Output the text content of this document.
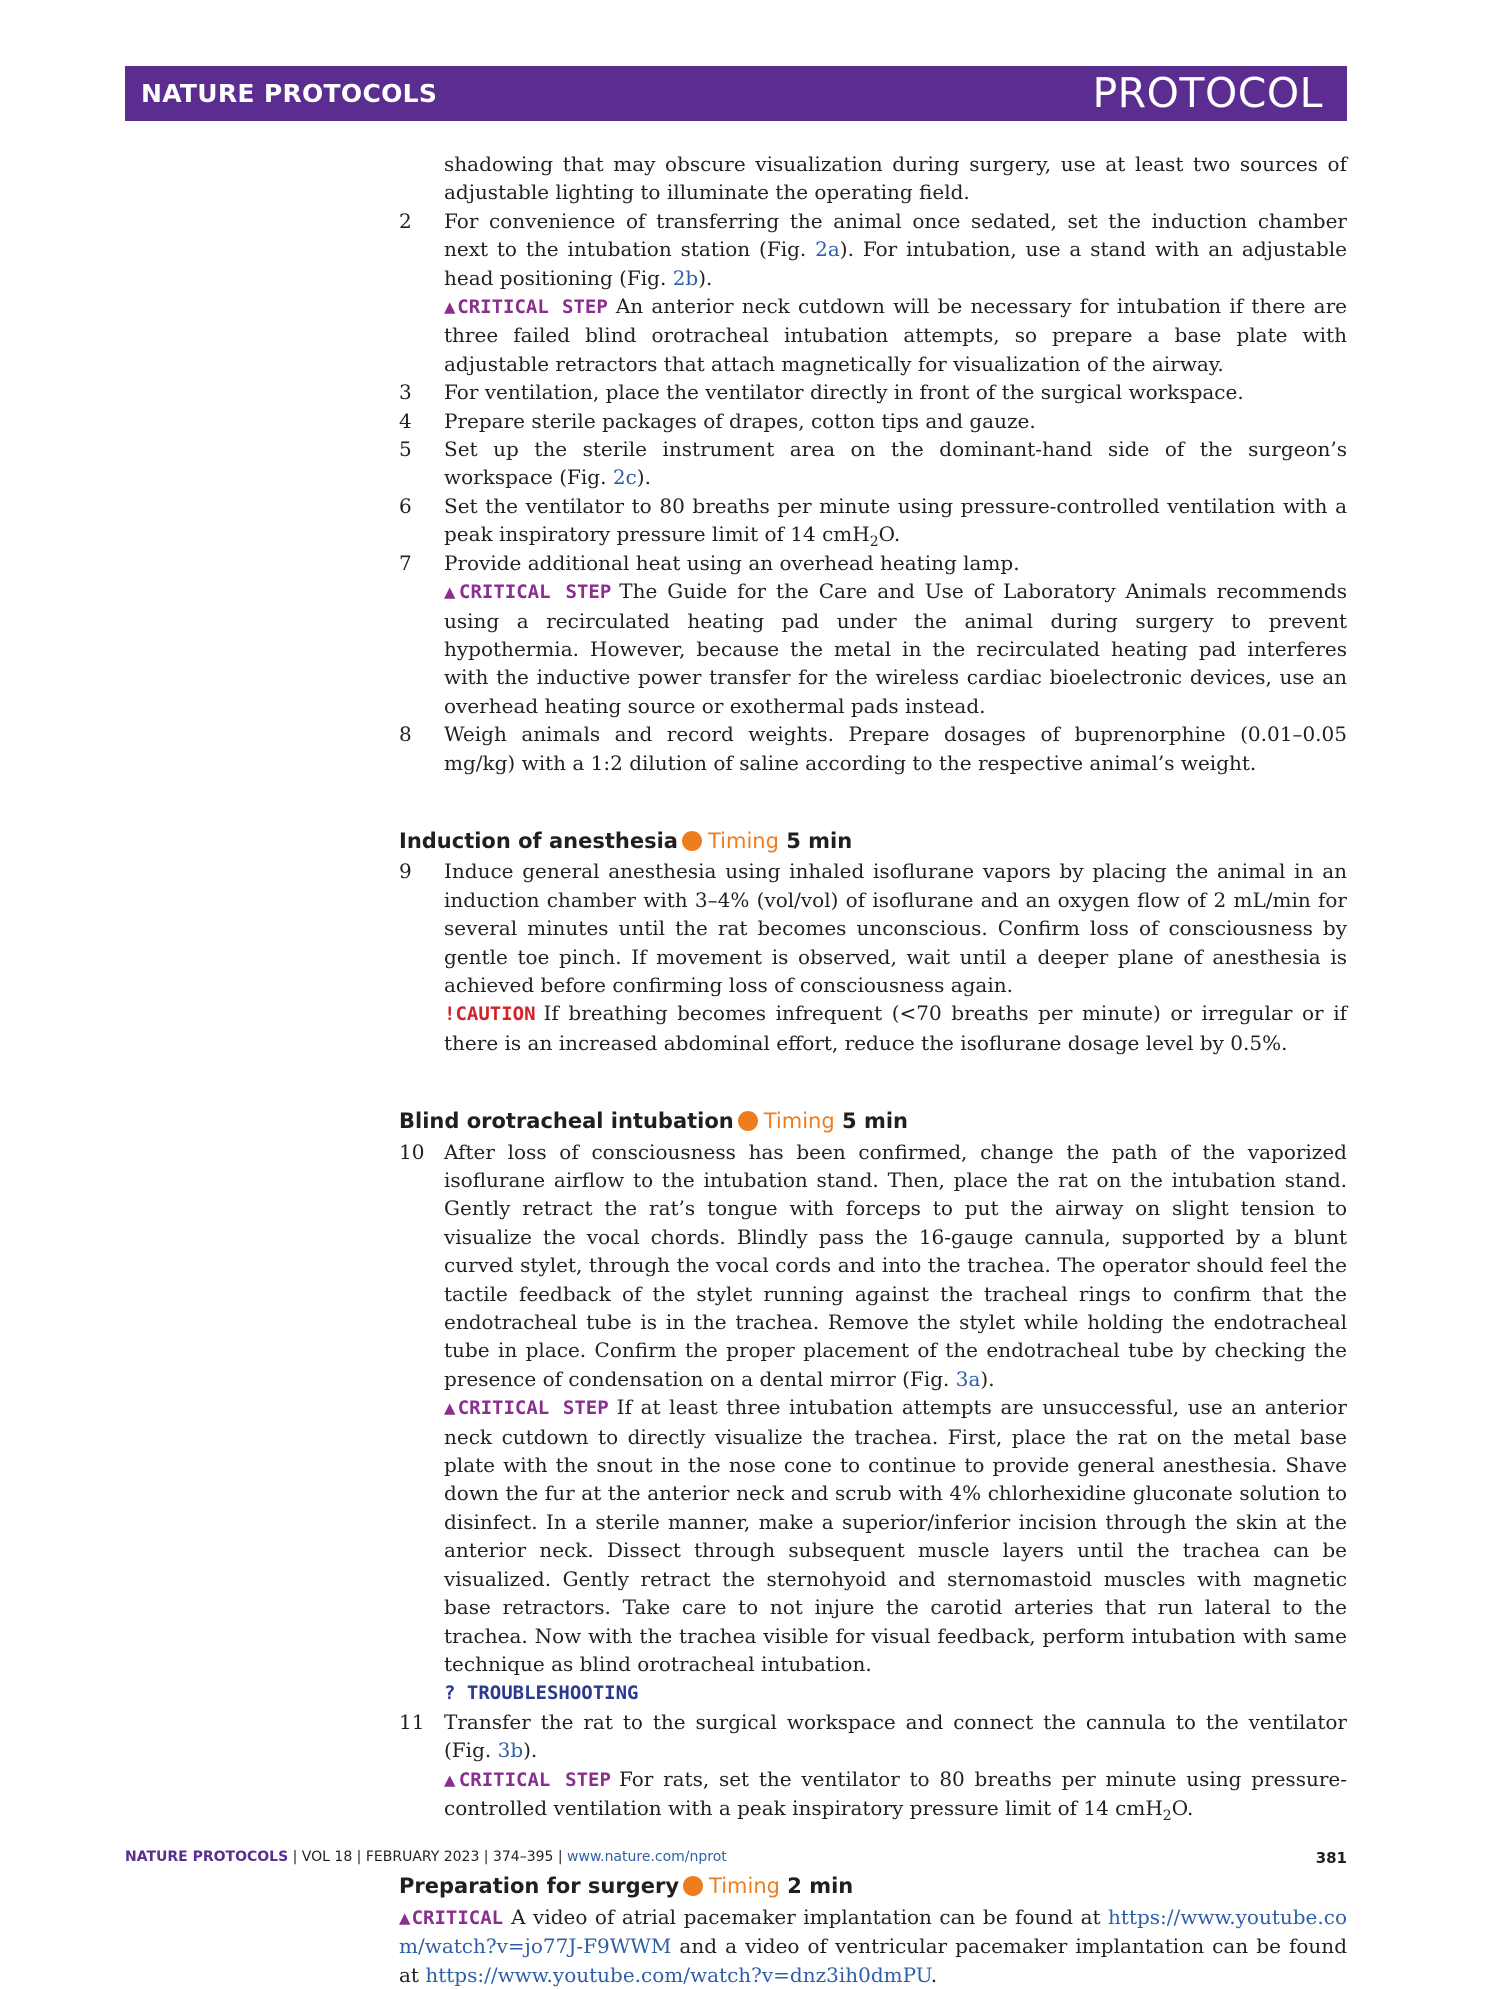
NATURE PROTOCOLS	PROTOCOL
shadowing that may obscure visualization during surgery, use at least two sources of adjustable lighting to illuminate the operating field.
2 For convenience of transferring the animal once sedated, set the induction chamber next to the intubation station (Fig. 2a). For intubation, use a stand with an adjustable head positioning (Fig. 2b).
▲CRITICAL STEP An anterior neck cutdown will be necessary for intubation if there are three failed blind orotracheal intubation attempts, so prepare a base plate with adjustable retractors that attach magnetically for visualization of the airway.
3 For ventilation, place the ventilator directly in front of the surgical workspace.
4 Prepare sterile packages of drapes, cotton tips and gauze.
5 Set up the sterile instrument area on the dominant-hand side of the surgeon’s workspace (Fig. 2c).
6 Set the ventilator to 80 breaths per minute using pressure-controlled ventilation with a peak inspiratory pressure limit of 14 cmH$_2$O.
7 Provide additional heat using an overhead heating lamp.
▲CRITICAL STEP The Guide for the Care and Use of Laboratory Animals recommends using a recirculated heating pad under the animal during surgery to prevent hypothermia. However, because the metal in the recirculated heating pad interferes with the inductive power transfer for the wireless cardiac bioelectronic devices, use an overhead heating source or exothermal pads instead.
8 Weigh animals and record weights. Prepare dosages of buprenorphine (0.01–0.05 mg/kg) with a 1:2 dilution of saline according to the respective animal’s weight.
Induction of anesthesia Timing 5 min
9 Induce general anesthesia using inhaled isoflurane vapors by placing the animal in an induction chamber with 3–4% (vol/vol) of isoflurane and an oxygen flow of 2 mL/min for several minutes until the rat becomes unconscious. Confirm loss of consciousness by gentle toe pinch. If movement is observed, wait until a deeper plane of anesthesia is achieved before confirming loss of consciousness again.
!CAUTION If breathing becomes infrequent (<70 breaths per minute) or irregular or if there is an increased abdominal effort, reduce the isoflurane dosage level by 0.5%.
Blind orotracheal intubation Timing 5 min
10 After loss of consciousness has been confirmed, change the path of the vaporized isoflurane airflow to the intubation stand. Then, place the rat on the intubation stand. Gently retract the rat’s tongue with forceps to put the airway on slight tension to visualize the vocal chords. Blindly pass the 16-gauge cannula, supported by a blunt curved stylet, through the vocal cords and into the trachea. The operator should feel the tactile feedback of the stylet running against the tracheal rings to confirm that the endotracheal tube is in the trachea. Remove the stylet while holding the endotracheal tube in place. Confirm the proper placement of the endotracheal tube by checking the presence of condensation on a dental mirror (Fig. 3a).
▲CRITICAL STEP If at least three intubation attempts are unsuccessful, use an anterior neck cutdown to directly visualize the trachea. First, place the rat on the metal base plate with the snout in the nose cone to continue to provide general anesthesia. Shave down the fur at the anterior neck and scrub with 4% chlorhexidine gluconate solution to disinfect. In a sterile manner, make a superior/inferior incision through the skin at the anterior neck. Dissect through subsequent muscle layers until the trachea can be visualized. Gently retract the sternohyoid and sternomastoid muscles with magnetic base retractors. Take care to not injure the carotid arteries that run lateral to the trachea. Now with the trachea visible for visual feedback, perform intubation with same technique as blind orotracheal intubation.
? TROUBLESHOOTING
11 Transfer the rat to the surgical workspace and connect the cannula to the ventilator (Fig. 3b).
▲CRITICAL STEP For rats, set the ventilator to 80 breaths per minute using pressure-controlled ventilation with a peak inspiratory pressure limit of 14 cmH$_2$O.
Preparation for surgery Timing 2 min
▲CRITICAL A video of atrial pacemaker implantation can be found at https://www.youtube.com/watch?v=jo77J-F9WWM and a video of ventricular pacemaker implantation can be found at https://www.youtube.com/watch?v=dnz3ih0dmPU.
NATURE PROTOCOLS | VOL 18 | FEBRUARY 2023 | 374–395 | www.nature.com/nprot	381
